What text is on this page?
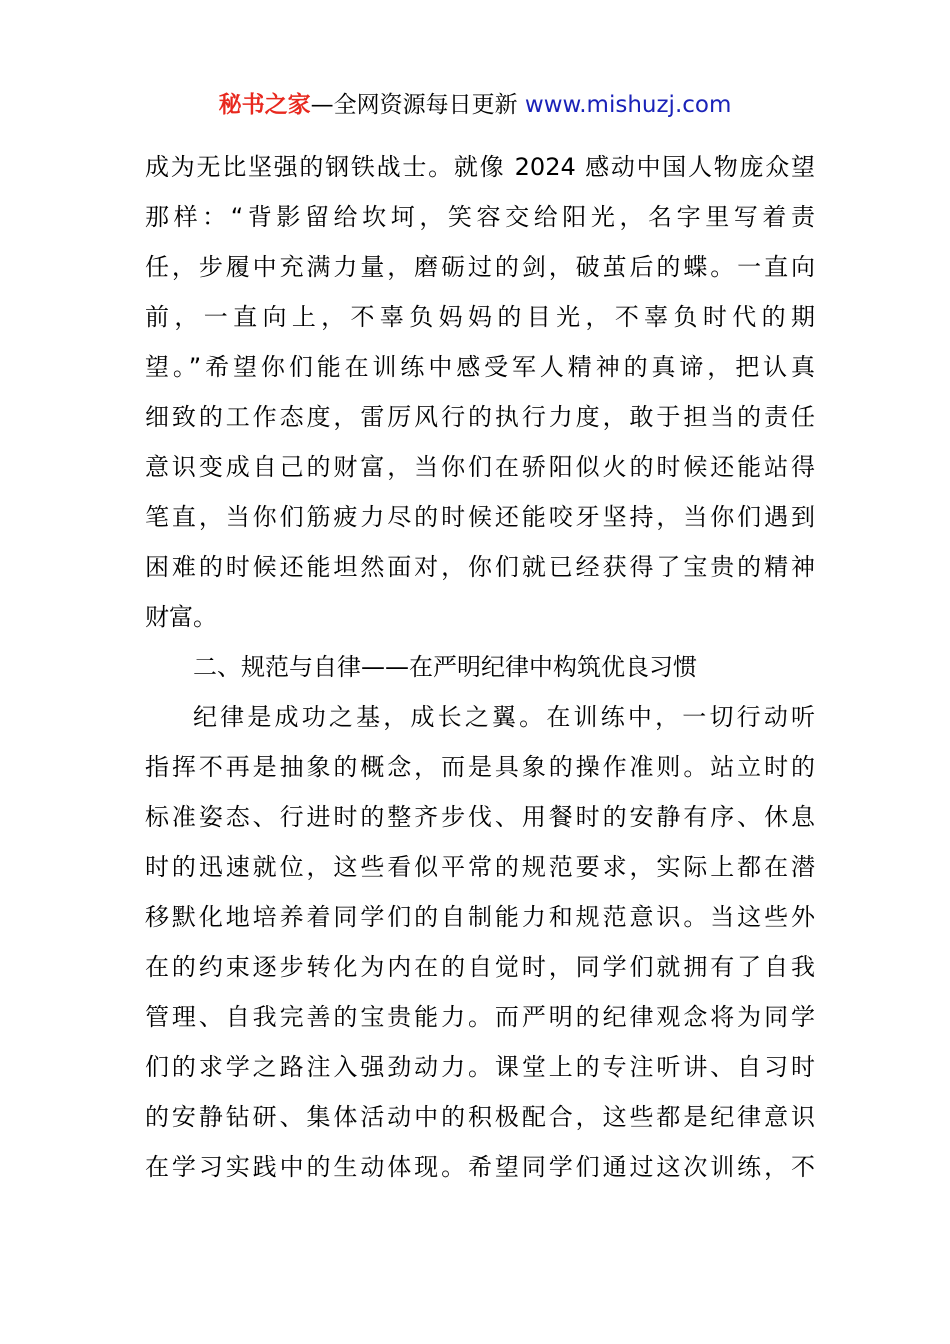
秘书之家—全网资源每日更新 www.mishuzj.com
成为无比坚强的钢铁战士。就像 2024 感动中国人物庞众望
那样：“背影留给坎坷，笑容交给阳光，名字里写着责
任，步履中充满力量，磨砺过的剑，破茧后的蝶。一直向
前，一直向上，不辜负妈妈的目光，不辜负时代的期
望。”希望你们能在训练中感受军人精神的真谛，把认真
细致的工作态度，雷厉风行的执行力度，敢于担当的责任
意识变成自己的财富，当你们在骄阳似火的时候还能站得
笔直，当你们筋疲力尽的时候还能咬牙坚持，当你们遇到
困难的时候还能坦然面对，你们就已经获得了宝贵的精神
财富。
二、规范与自律——在严明纪律中构筑优良习惯
纪律是成功之基，成长之翼。在训练中，一切行动听
指挥不再是抽象的概念，而是具象的操作准则。站立时的
标准姿态、行进时的整齐步伐、用餐时的安静有序、休息
时的迅速就位，这些看似平常的规范要求，实际上都在潜
移默化地培养着同学们的自制能力和规范意识。当这些外
在的约束逐步转化为内在的自觉时，同学们就拥有了自我
管理、自我完善的宝贵能力。而严明的纪律观念将为同学
们的求学之路注入强劲动力。课堂上的专注听讲、自习时
的安静钻研、集体活动中的积极配合，这些都是纪律意识
在学习实践中的生动体现。希望同学们通过这次训练，不
